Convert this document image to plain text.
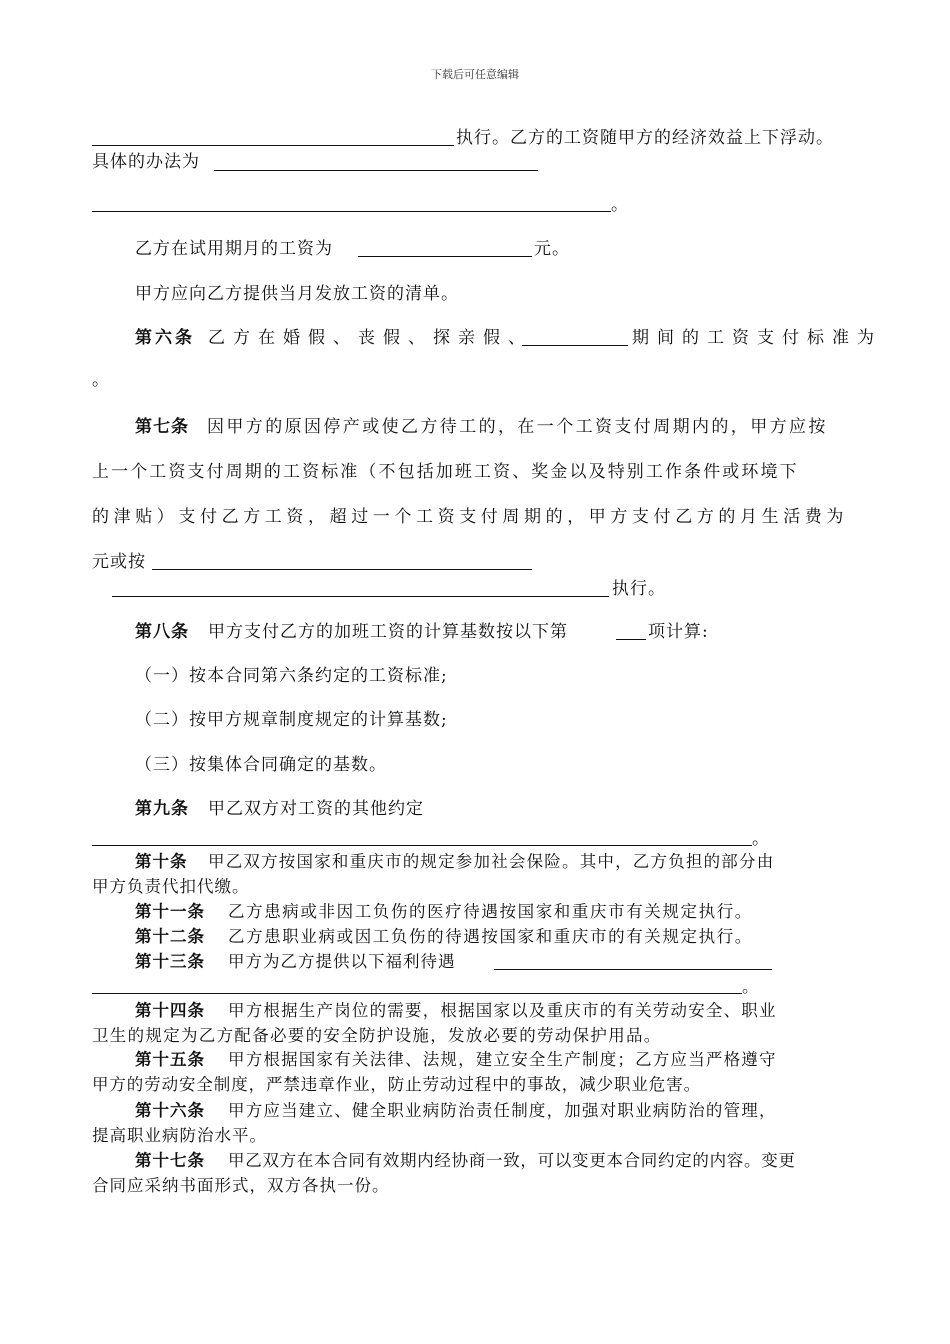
下载后可任意编辑
执行。乙方的工资随甲方的经济效益上下浮动。
具体的办法为
。
乙方在试用期月的工资为	元。
甲方应向乙方提供当月发放工资的清单。
第六条 乙方在婚假、丧假、探亲假、	期间的工资支付标准为
。
第七条 因甲方的原因停产或使乙方待工的，在一个工资支付周期内的，甲方应按
上一个工资支付周期的工资标准（不包括加班工资、奖金以及特别工作条件或环境下
的津贴）支付乙方工资，超过一个工资支付周期的，甲方支付乙方的月生活费为
元或按
执行。
第八条 甲方支付乙方的加班工资的计算基数按以下第	项计算:
（一）按本合同第六条约定的工资标准;
（二）按甲方规章制度规定的计算基数;
（三）按集体合同确定的基数。
第九条 甲乙双方对工资的其他约定
。
第十条 甲乙双方按国家和重庆市的规定参加社会保险。其中，乙方负担的部分由
甲方负责代扣代缴。
第十一条 乙方患病或非因工负伤的医疗待遇按国家和重庆市有关规定执行。
第十二条 乙方患职业病或因工负伤的待遇按国家和重庆市的有关规定执行。
第十三条 甲方为乙方提供以下福利待遇
。
第十四条 甲方根据生产岗位的需要，根据国家以及重庆市的有关劳动安全、职业
卫生的规定为乙方配备必要的安全防护设施，发放必要的劳动保护用品。
第十五条 甲方根据国家有关法律、法规，建立安全生产制度；乙方应当严格遵守
甲方的劳动安全制度，严禁违章作业，防止劳动过程中的事故，减少职业危害。
第十六条 甲方应当建立、健全职业病防治责任制度，加强对职业病防治的管理，
提高职业病防治水平。
第十七条 甲乙双方在本合同有效期内经协商一致，可以变更本合同约定的内容。变更
合同应采纳书面形式，双方各执一份。
